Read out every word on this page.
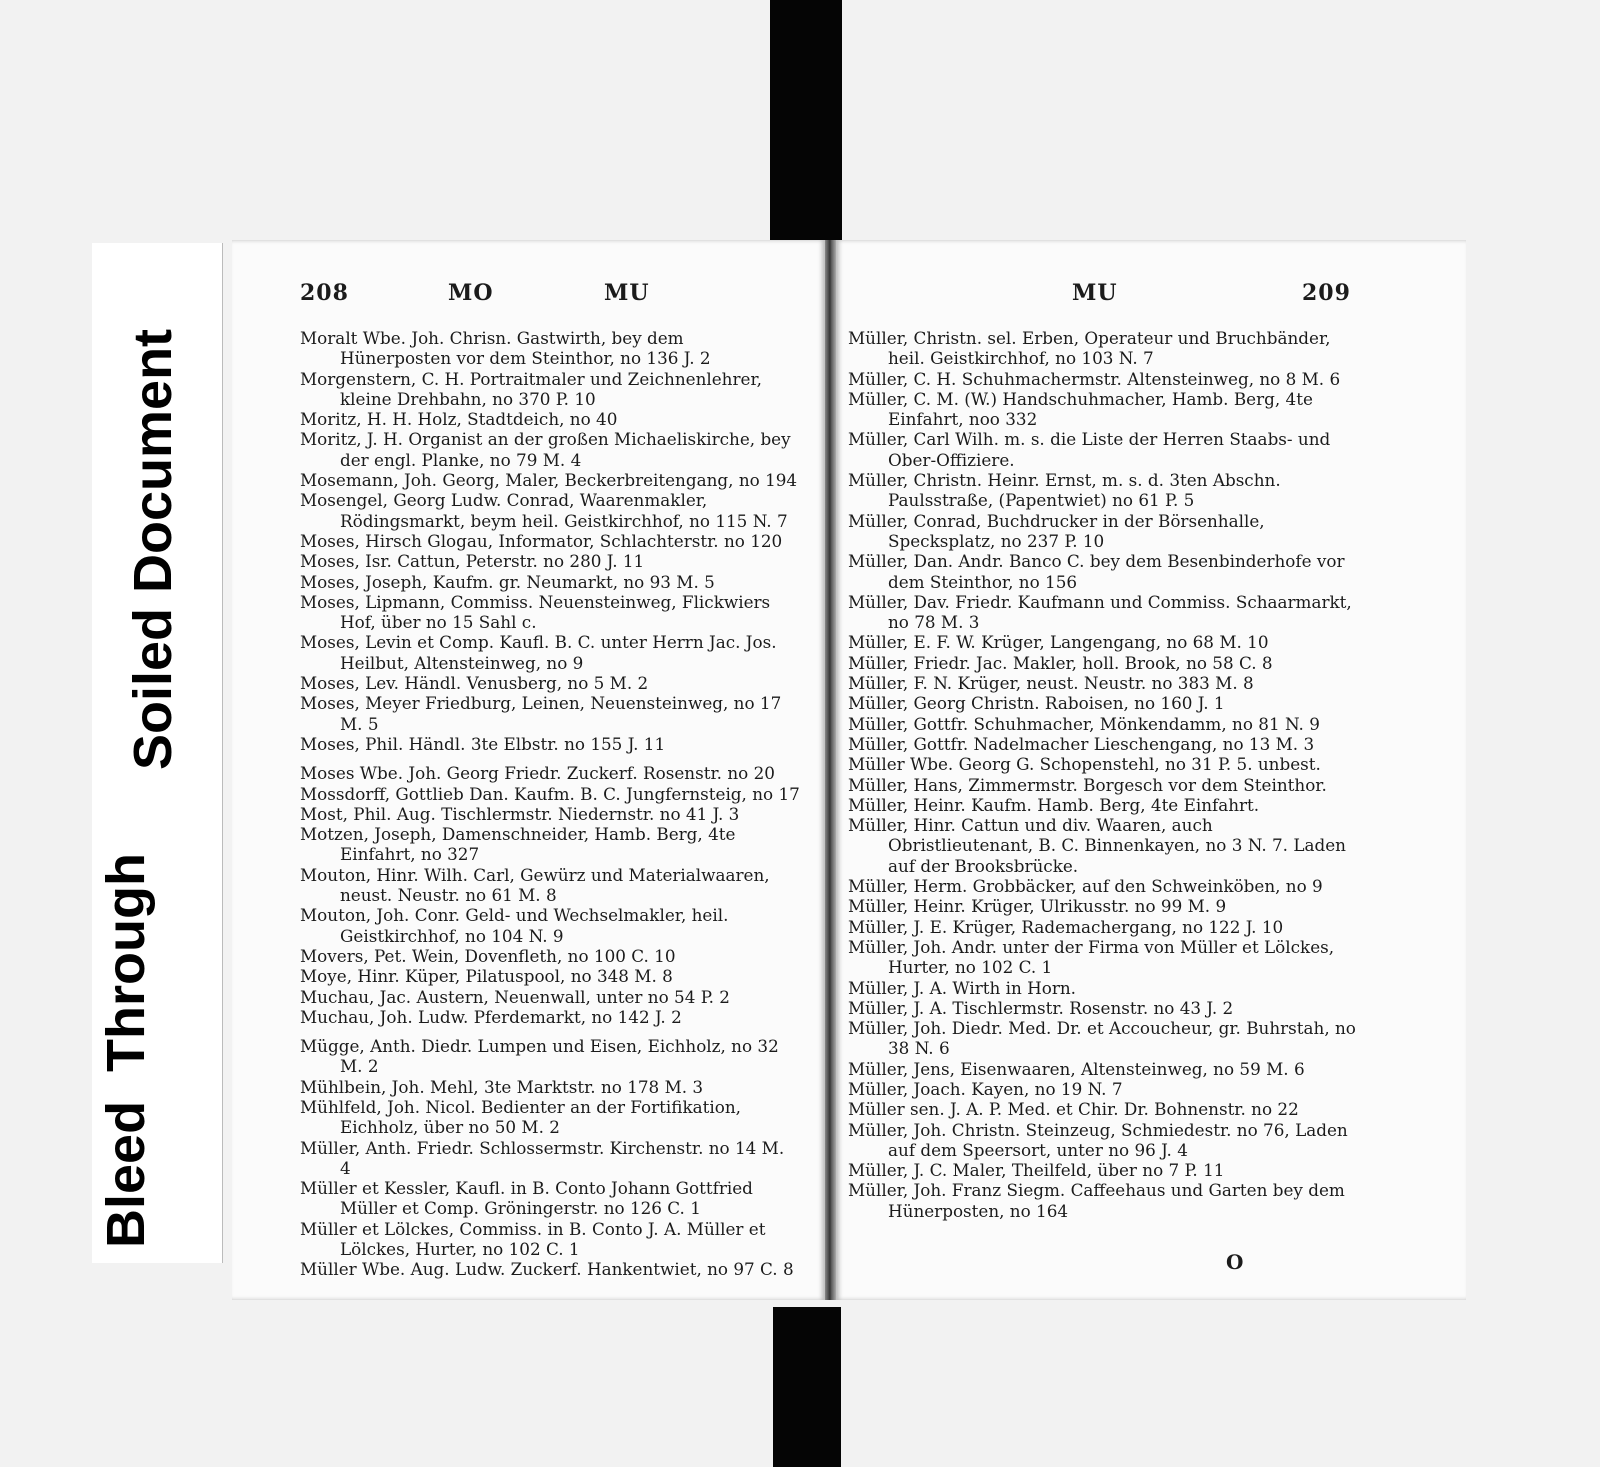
Soiled Document
Bleed Through
208	MO	MU
Moralt Wbe. Joh. Chrisn. Gastwirth, bey dem Hünerposten vor dem Steinthor, no 136 J. 2
Morgenstern, C. H. Portraitmaler und Zeichnenlehrer, kleine Drehbahn, no 370 P. 10
Moritz, H. H. Holz, Stadtdeich, no 40
Moritz, J. H. Organist an der großen Michaeliskirche, bey der engl. Planke, no 79 M. 4
Mosemann, Joh. Georg, Maler, Beckerbreitengang, no 194
Mosengel, Georg Ludw. Conrad, Waarenmakler, Rödingsmarkt, beym heil. Geistkirchhof, no 115 N. 7
Moses, Hirsch Glogau, Informator, Schlachterstr. no 120
Moses, Isr. Cattun, Peterstr. no 280 J. 11
Moses, Joseph, Kaufm. gr. Neumarkt, no 93 M. 5
Moses, Lipmann, Commiss. Neuensteinweg, Flickwiers Hof, über no 15 Sahl c.
Moses, Levin et Comp. Kaufl. B. C. unter Herrn Jac. Jos. Heilbut, Altensteinweg, no 9
Moses, Lev. Händl. Venusberg, no 5 M. 2
Moses, Meyer Friedburg, Leinen, Neuensteinweg, no 17 M. 5
Moses, Phil. Händl. 3te Elbstr. no 155 J. 11
Moses Wbe. Joh. Georg Friedr. Zuckerf. Rosenstr. no 20
Mossdorff, Gottlieb Dan. Kaufm. B. C. Jungfernsteig, no 17
Most, Phil. Aug. Tischlermstr. Niedernstr. no 41 J. 3
Motzen, Joseph, Damenschneider, Hamb. Berg, 4te Einfahrt, no 327
Mouton, Hinr. Wilh. Carl, Gewürz und Materialwaaren, neust. Neustr. no 61 M. 8
Mouton, Joh. Conr. Geld- und Wechselmakler, heil. Geistkirchhof, no 104 N. 9
Movers, Pet. Wein, Dovenfleth, no 100 C. 10
Moye, Hinr. Küper, Pilatuspool, no 348 M. 8
Muchau, Jac. Austern, Neuenwall, unter no 54 P. 2
Muchau, Joh. Ludw. Pferdemarkt, no 142 J. 2
Mügge, Anth. Diedr. Lumpen und Eisen, Eichholz, no 32 M. 2
Mühlbein, Joh. Mehl, 3te Marktstr. no 178 M. 3
Mühlfeld, Joh. Nicol. Bedienter an der Fortifikation, Eichholz, über no 50 M. 2
Müller, Anth. Friedr. Schlossermstr. Kirchenstr. no 14 M. 4
Müller et Kessler, Kaufl. in B. Conto Johann Gottfried Müller et Comp. Gröningerstr. no 126 C. 1
Müller et Lölckes, Commiss. in B. Conto J. A. Müller et Lölckes, Hurter, no 102 C. 1
Müller Wbe. Aug. Ludw. Zuckerf. Hankentwiet, no 97 C. 8
MU	209
Müller, Christn. sel. Erben, Operateur und Bruchbänder, heil. Geistkirchhof, no 103 N. 7
Müller, C. H. Schuhmachermstr. Altensteinweg, no 8 M. 6
Müller, C. M. (W.) Handschuhmacher, Hamb. Berg, 4te Einfahrt, noo 332
Müller, Carl Wilh. m. s. die Liste der Herren Staabs- und Ober-Offiziere.
Müller, Christn. Heinr. Ernst, m. s. d. 3ten Abschn. Paulsstraße, (Papentwiet) no 61 P. 5
Müller, Conrad, Buchdrucker in der Börsenhalle, Specksplatz, no 237 P. 10
Müller, Dan. Andr. Banco C. bey dem Besenbinderhofe vor dem Steinthor, no 156
Müller, Dav. Friedr. Kaufmann und Commiss. Schaarmarkt, no 78 M. 3
Müller, E. F. W. Krüger, Langengang, no 68 M. 10
Müller, Friedr. Jac. Makler, holl. Brook, no 58 C. 8
Müller, F. N. Krüger, neust. Neustr. no 383 M. 8
Müller, Georg Christn. Raboisen, no 160 J. 1
Müller, Gottfr. Schuhmacher, Mönkendamm, no 81 N. 9
Müller, Gottfr. Nadelmacher Lieschengang, no 13 M. 3
Müller Wbe. Georg G. Schopenstehl, no 31 P. 5. unbest.
Müller, Hans, Zimmermstr. Borgesch vor dem Steinthor.
Müller, Heinr. Kaufm. Hamb. Berg, 4te Einfahrt.
Müller, Hinr. Cattun und div. Waaren, auch Obristlieutenant, B. C. Binnenkayen, no 3 N. 7. Laden auf der Brooksbrücke.
Müller, Herm. Grobbäcker, auf den Schweinköben, no 9
Müller, Heinr. Krüger, Ulrikusstr. no 99 M. 9
Müller, J. E. Krüger, Rademachergang, no 122 J. 10
Müller, Joh. Andr. unter der Firma von Müller et Lölckes, Hurter, no 102 C. 1
Müller, J. A. Wirth in Horn.
Müller, J. A. Tischlermstr. Rosenstr. no 43 J. 2
Müller, Joh. Diedr. Med. Dr. et Accoucheur, gr. Buhrstah, no 38 N. 6
Müller, Jens, Eisenwaaren, Altensteinweg, no 59 M. 6
Müller, Joach. Kayen, no 19 N. 7
Müller sen. J. A. P. Med. et Chir. Dr. Bohnenstr. no 22
Müller, Joh. Christn. Steinzeug, Schmiedestr. no 76, Laden auf dem Speersort, unter no 96 J. 4
Müller, J. C. Maler, Theilfeld, über no 7 P. 11
Müller, Joh. Franz Siegm. Caffeehaus und Garten bey dem Hünerposten, no 164
O
